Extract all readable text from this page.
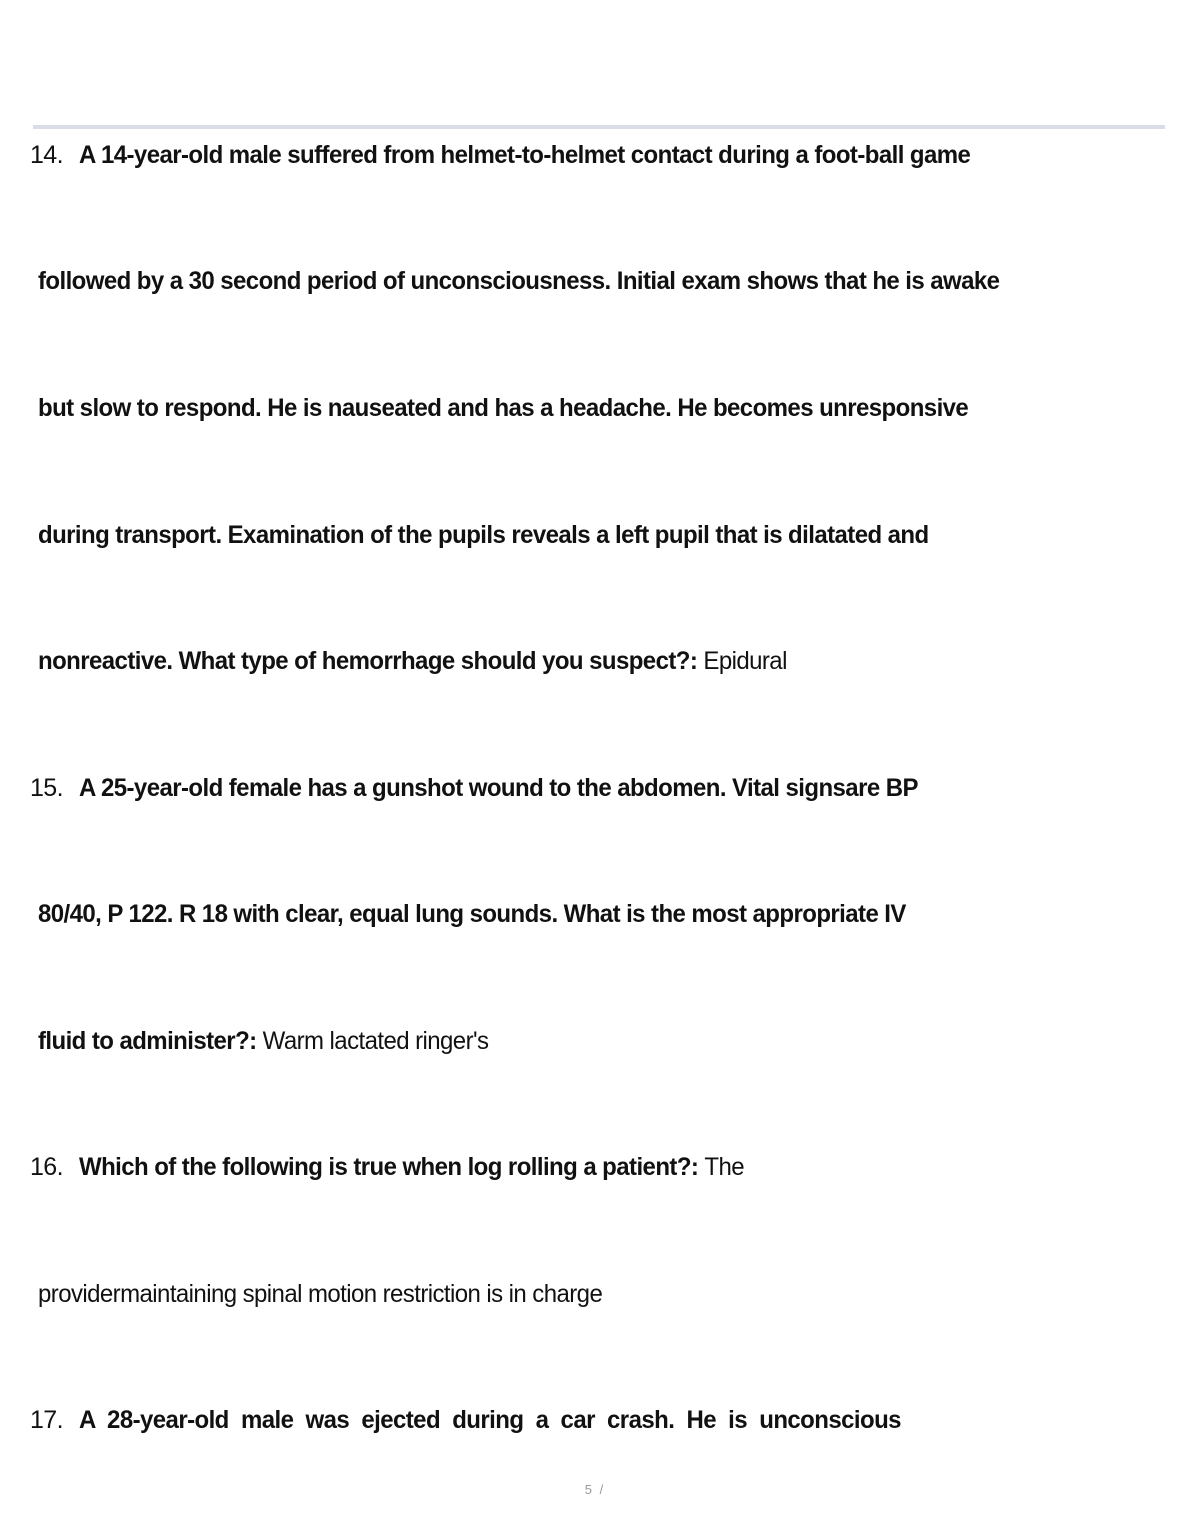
14. A 14-year-old male suffered from helmet-to-helmet contact during a foot-ball game
followed by a 30 second period of unconsciousness. Initial exam shows that he is awake
but slow to respond. He is nauseated and has a headache. He becomes unresponsive
during transport. Examination of the pupils reveals a left pupil that is dilatated and
nonreactive. What type of hemorrhage should you suspect?: Epidural
15. A 25-year-old female has a gunshot wound to the abdomen. Vital signsare BP
80/40, P 122. R 18 with clear, equal lung sounds. What is the most appropriate IV
fluid to administer?: Warm lactated ringer's
16. Which of the following is true when log rolling a patient?: The
providermaintaining spinal motion restriction is in charge
17. A  28-year-old  male  was  ejected  during  a  car  crash.  He  is  unconscious
5 /
